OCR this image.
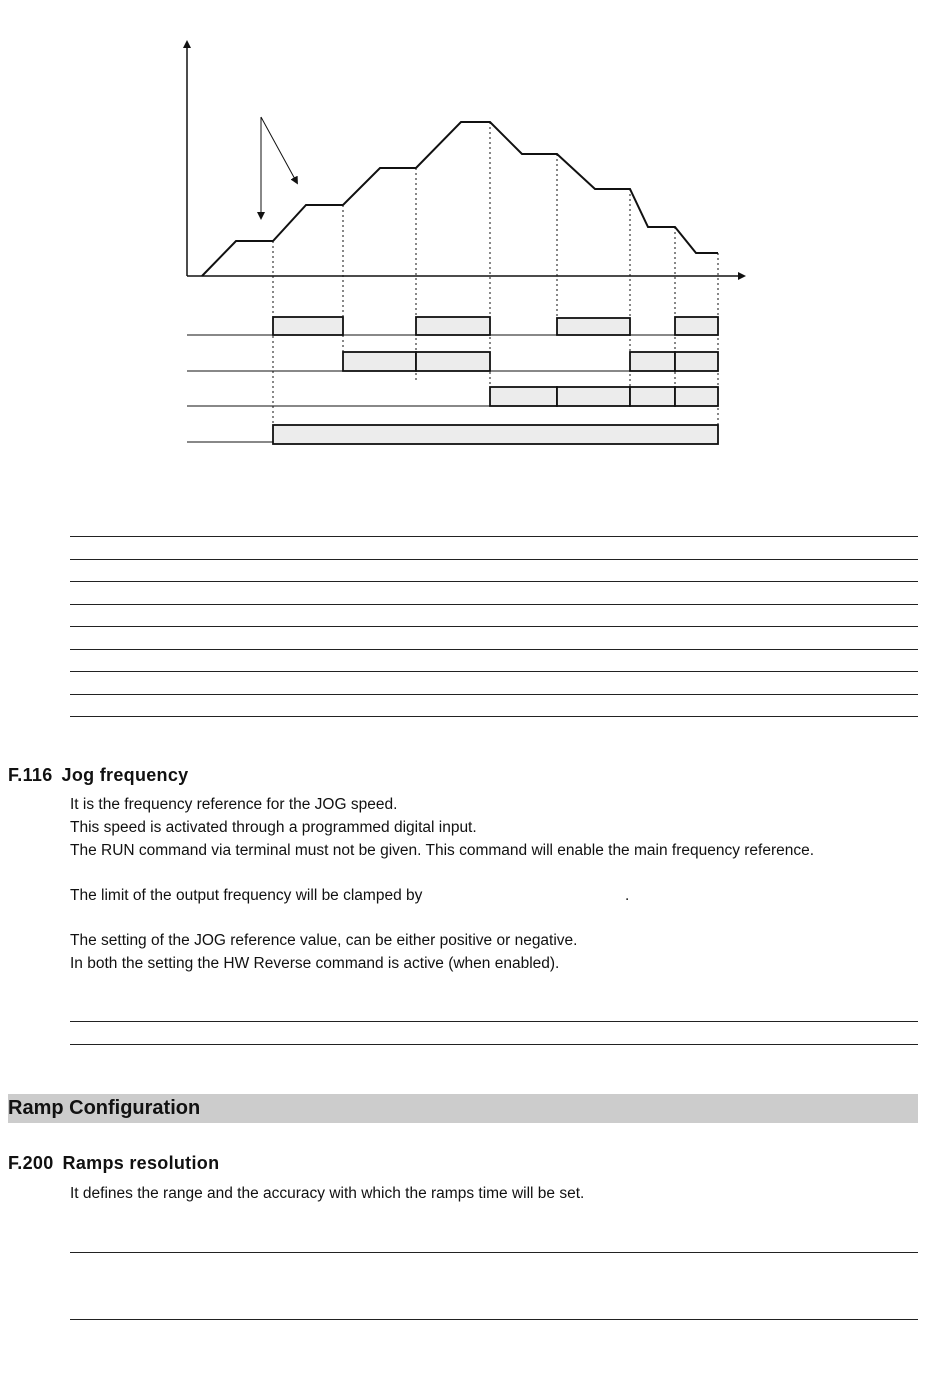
F.116 Jog frequency
It is the frequency reference for the JOG speed.
This speed is activated through a programmed digital input.
The RUN command via terminal must not be given. This command will enable the main frequency reference.
The limit of the output frequency will be clamped by	.
The setting of the JOG reference value, can be either positive or negative.
In both the setting the HW Reverse command is active (when enabled).
Ramp Configuration
F.200 Ramps resolution
It defines the range and the accuracy with which the ramps time will be set.
